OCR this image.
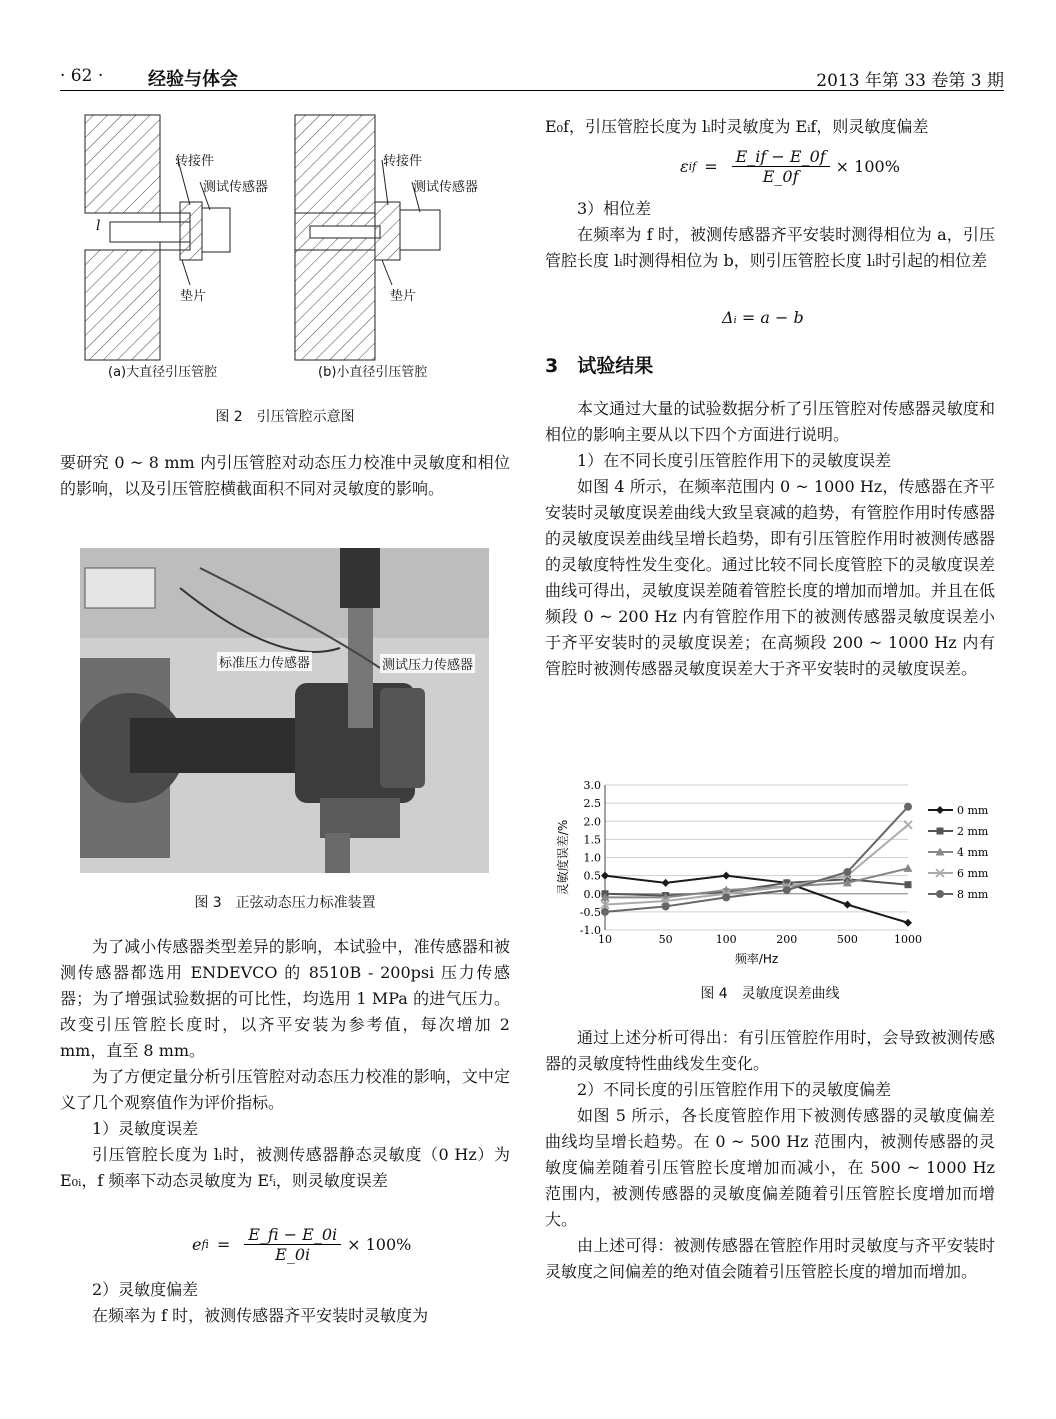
· 62 · 经验与体会	2013 年第 33 卷第 3 期
转接件
测试传感器
l
垫片
转接件
测试传感器
垫片
(a)大直径引压管腔	(b)小直径引压管腔
图 2　引压管腔示意图

要研究 0 ~ 8 mm 内引压管腔对动态压力校准中灵敏度和相位的影响，以及引压管腔横截面积不同对灵敏度的影响。

标准压力传感器	测试压力传感器
图 3　正弦动态压力标准装置

为了减小传感器类型差异的影响，本试验中，准传感器和被测传感器都选用 ENDEVCO 的 8510B - 200psi 压力传感器；为了增强试验数据的可比性，均选用 1 MPa 的进气压力。改变引压管腔长度时，以齐平安装为参考值，每次增加 2 mm，直至 8 mm。

为了方便定量分析引压管腔对动态压力校准的影响，文中定义了几个观察值作为评价指标。

1）灵敏度误差

引压管腔长度为 lᵢ时，被测传感器静态灵敏度（0 Hz）为 E₀ᵢ，f 频率下动态灵敏度为 Eᶠᵢ，则灵敏度误差

e fi = $\frac{E\_fi - E\_0i}{E\_0i} \times 100\%$

2）灵敏度偏差

在频率为 f 时，被测传感器齐平安装时灵敏度为

E₀f，引压管腔长度为 lᵢ时灵敏度为 Eᵢf，则灵敏度偏差

ε if = $\frac{E\_if - E\_0f}{E\_0f} \times 100\%$

3）相位差

在频率为 f 时，被测传感器齐平安装时测得相位为 a，引压管腔长度 lᵢ时测得相位为 b，则引压管腔长度 lᵢ时引起的相位差

Δᵢ = a − b
3　试验结果

本文通过大量的试验数据分析了引压管腔对传感器灵敏度和相位的影响主要从以下四个方面进行说明。

1）在不同长度引压管腔作用下的灵敏度误差

如图 4 所示，在频率范围内 0 ~ 1000 Hz，传感器在齐平安装时灵敏度误差曲线大致呈衰减的趋势，有管腔作用时传感器的灵敏度误差曲线呈增长趋势，即有引压管腔作用时被测传感器的灵敏度特性发生变化。通过比较不同长度管腔下的灵敏度误差曲线可得出，灵敏度误差随着管腔长度的增加而增加。并且在低频段 0 ~ 200 Hz 内有管腔作用下的被测传感器灵敏度误差小于齐平安装时的灵敏度误差；在高频段 200 ~ 1000 Hz 内有管腔时被测传感器灵敏度误差大于齐平安装时的灵敏度误差。

3.0
2.5
2.0
1.5
1.0
0.5
0.0
-0.5
-1.0
10	50	100	200	500	1000
频率/Hz
灵敏度误差/%
0 mm
2 mm
4 mm
6 mm
8 mm
图 4　灵敏度误差曲线

通过上述分析可得出：有引压管腔作用时，会导致被测传感器的灵敏度特性曲线发生变化。

2）不同长度的引压管腔作用下的灵敏度偏差

如图 5 所示，各长度管腔作用下被测传感器的灵敏度偏差曲线均呈增长趋势。在 0 ~ 500 Hz 范围内，被测传感器的灵敏度偏差随着引压管腔长度增加而减小，在 500 ~ 1000 Hz 范围内，被测传感器的灵敏度偏差随着引压管腔长度增加而增大。

由上述可得：被测传感器在管腔作用时灵敏度与齐平安装时灵敏度之间偏差的绝对值会随着引压管腔长度的增加而增加。
